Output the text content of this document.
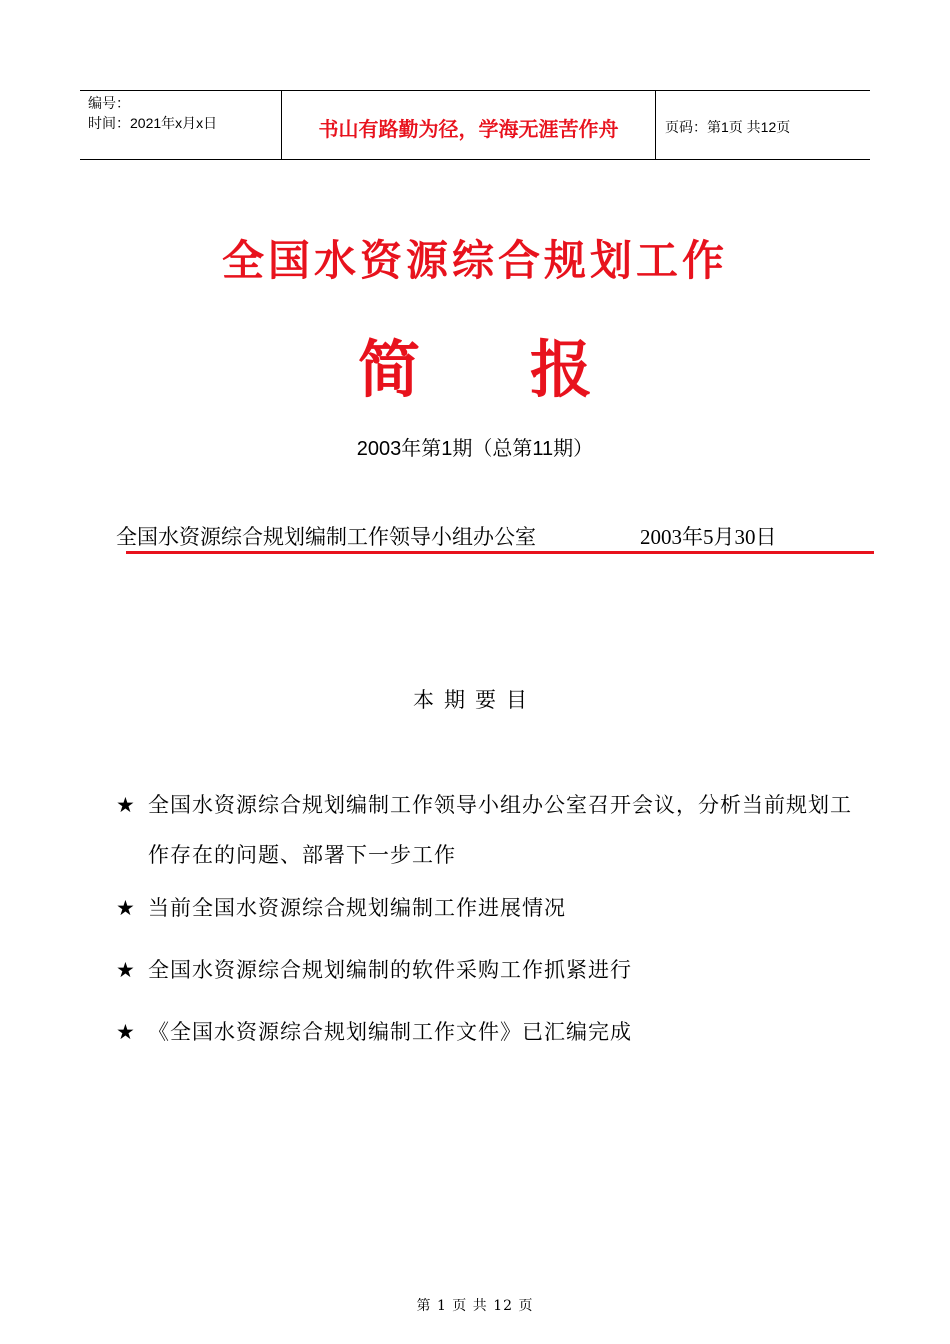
编号：
时间：2021年x月x日	书山有路勤为径，学海无涯苦作舟	页码：第1页 共12页
全国水资源综合规划工作
简 报
2003年第1期（总第11期）
全国水资源综合规划编制工作领导小组办公室	2003年5月30日
本期要目
★ 全国水资源综合规划编制工作领导小组办公室召开会议，分析当前规划工作存在的问题、部署下一步工作
★ 当前全国水资源综合规划编制工作进展情况
★ 全国水资源综合规划编制的软件采购工作抓紧进行
★ 《全国水资源综合规划编制工作文件》已汇编完成
第 1 页 共 12 页
